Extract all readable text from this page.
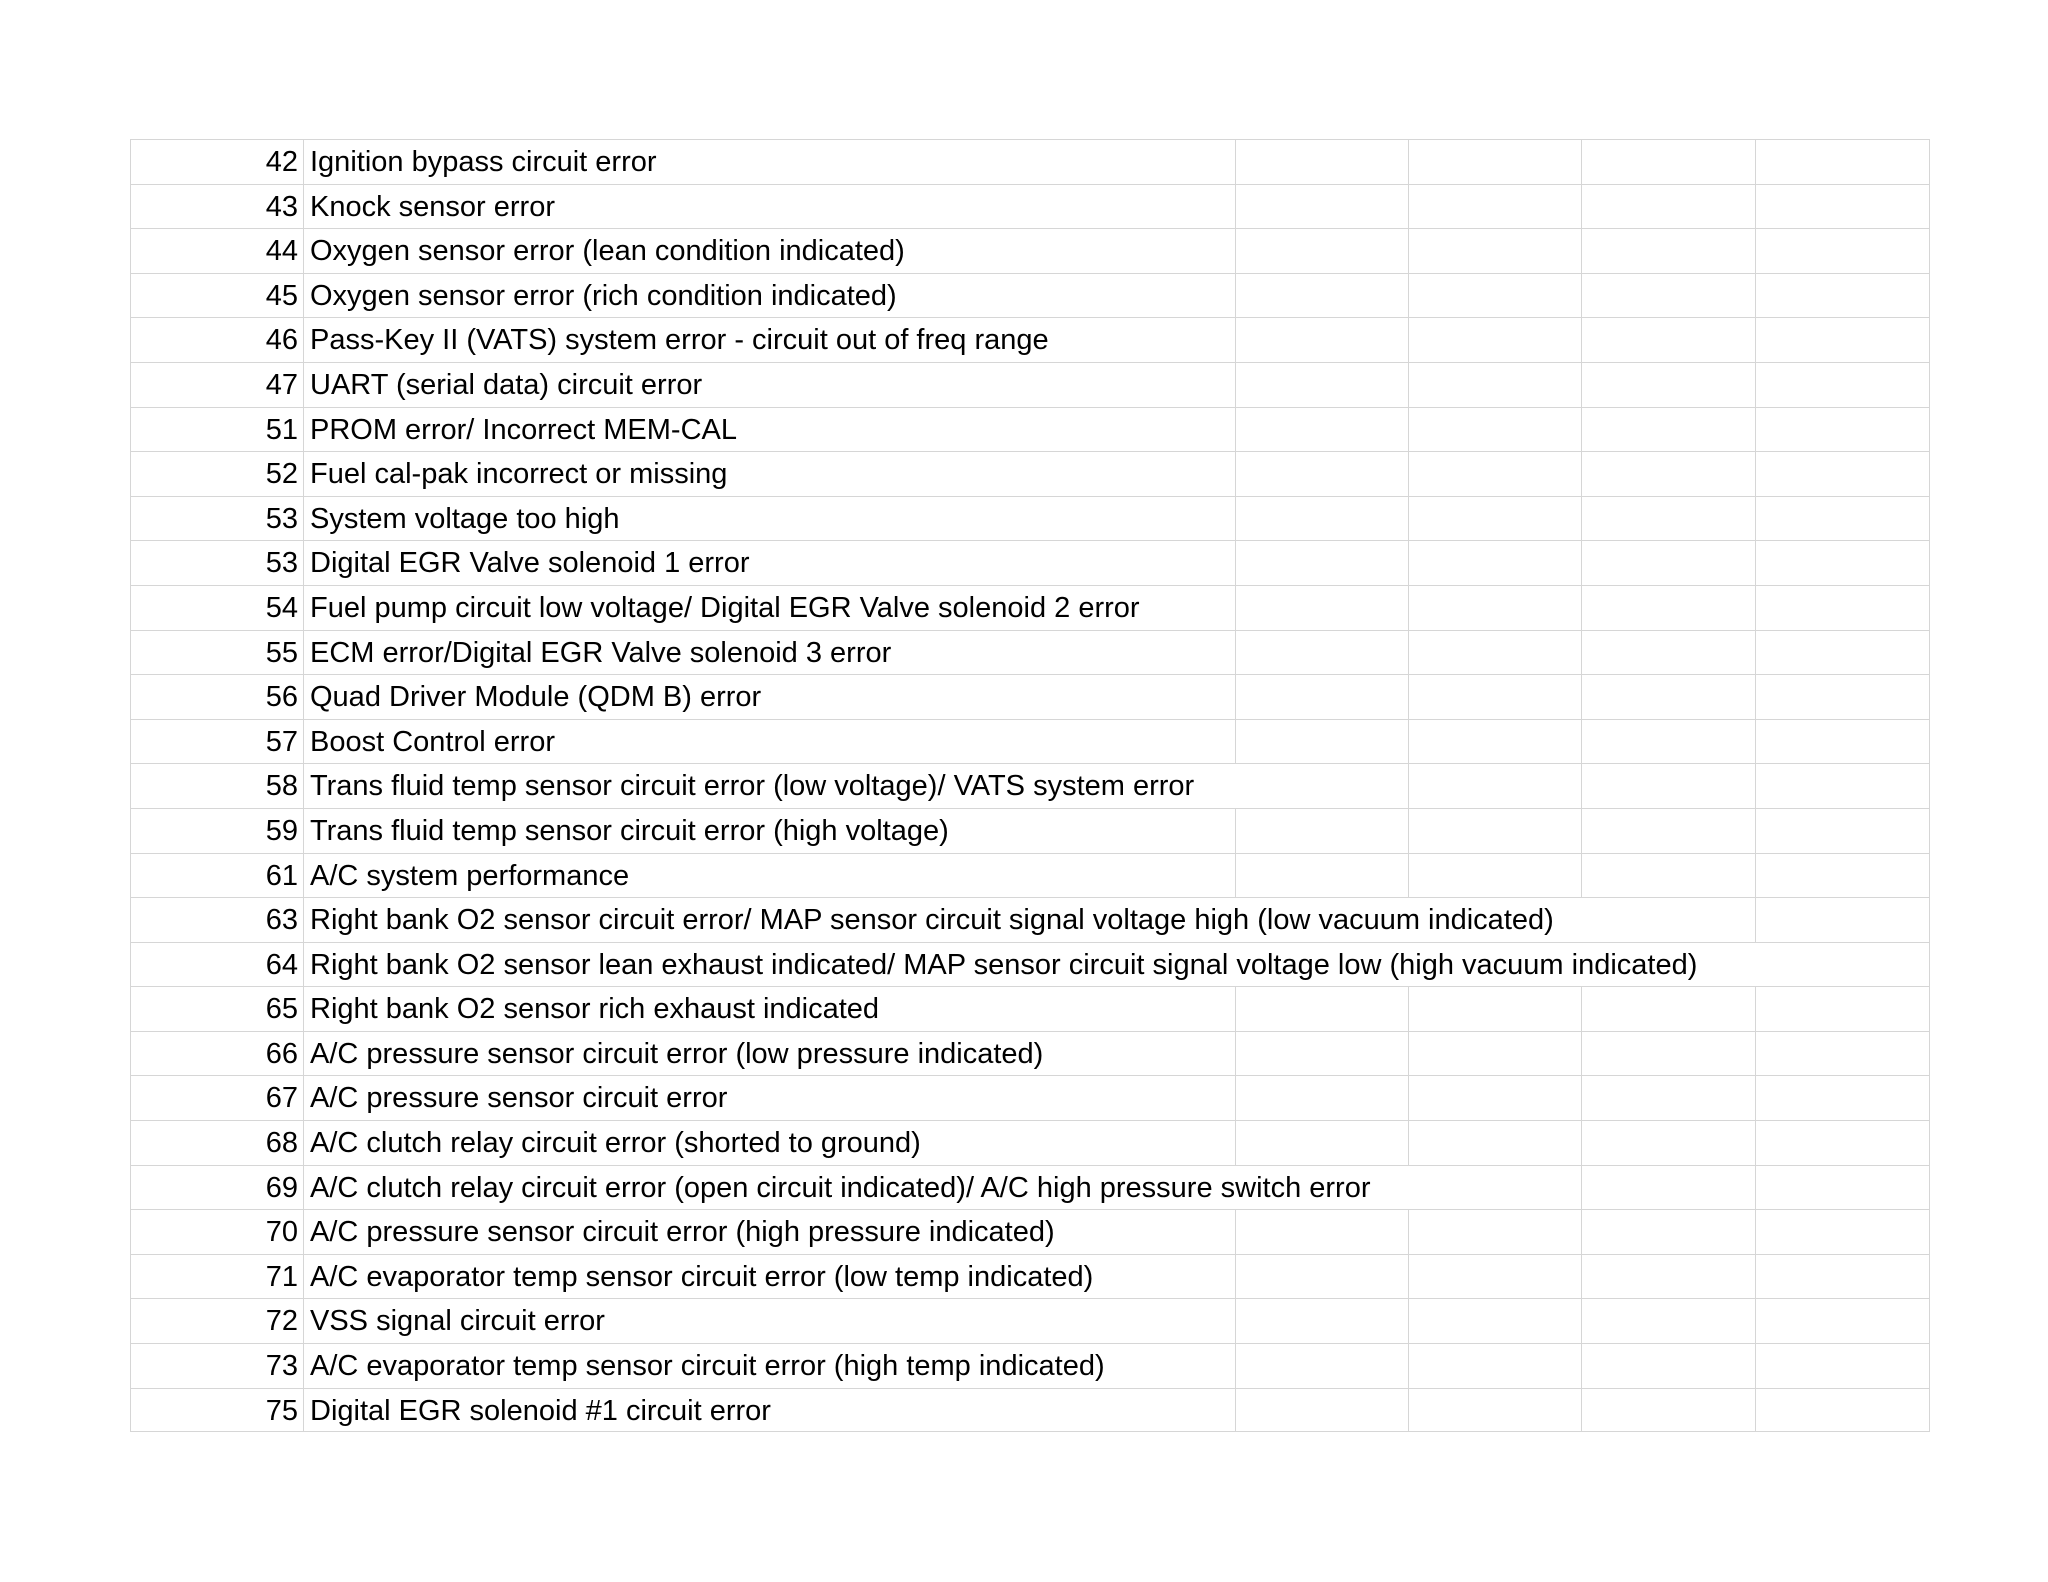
42 Ignition bypass circuit error
43 Knock sensor error
44 Oxygen sensor error (lean condition indicated)
45 Oxygen sensor error (rich condition indicated)
46 Pass-Key II (VATS) system error - circuit out of freq range
47 UART (serial data) circuit error
51 PROM error/ Incorrect MEM-CAL
52 Fuel cal-pak incorrect or missing
53 System voltage too high
53 Digital EGR Valve solenoid 1 error
54 Fuel pump circuit low voltage/ Digital EGR Valve solenoid 2 error
55 ECM error/Digital EGR Valve solenoid 3 error
56 Quad Driver Module (QDM B) error
57 Boost Control error
58 Trans fluid temp sensor circuit error (low voltage)/ VATS system error
59 Trans fluid temp sensor circuit error (high voltage)
61 A/C system performance
63 Right bank O2 sensor circuit error/ MAP sensor circuit signal voltage high (low vacuum indicated)
64 Right bank O2 sensor lean exhaust indicated/ MAP sensor circuit signal voltage low (high vacuum indicated)
65 Right bank O2 sensor rich exhaust indicated
66 A/C pressure sensor circuit error (low pressure indicated)
67 A/C pressure sensor circuit error
68 A/C clutch relay circuit error (shorted to ground)
69 A/C clutch relay circuit error (open circuit indicated)/ A/C high pressure switch error
70 A/C pressure sensor circuit error (high pressure indicated)
71 A/C evaporator temp sensor circuit error (low temp indicated)
72 VSS signal circuit error
73 A/C evaporator temp sensor circuit error (high temp indicated)
75 Digital EGR solenoid #1 circuit error
